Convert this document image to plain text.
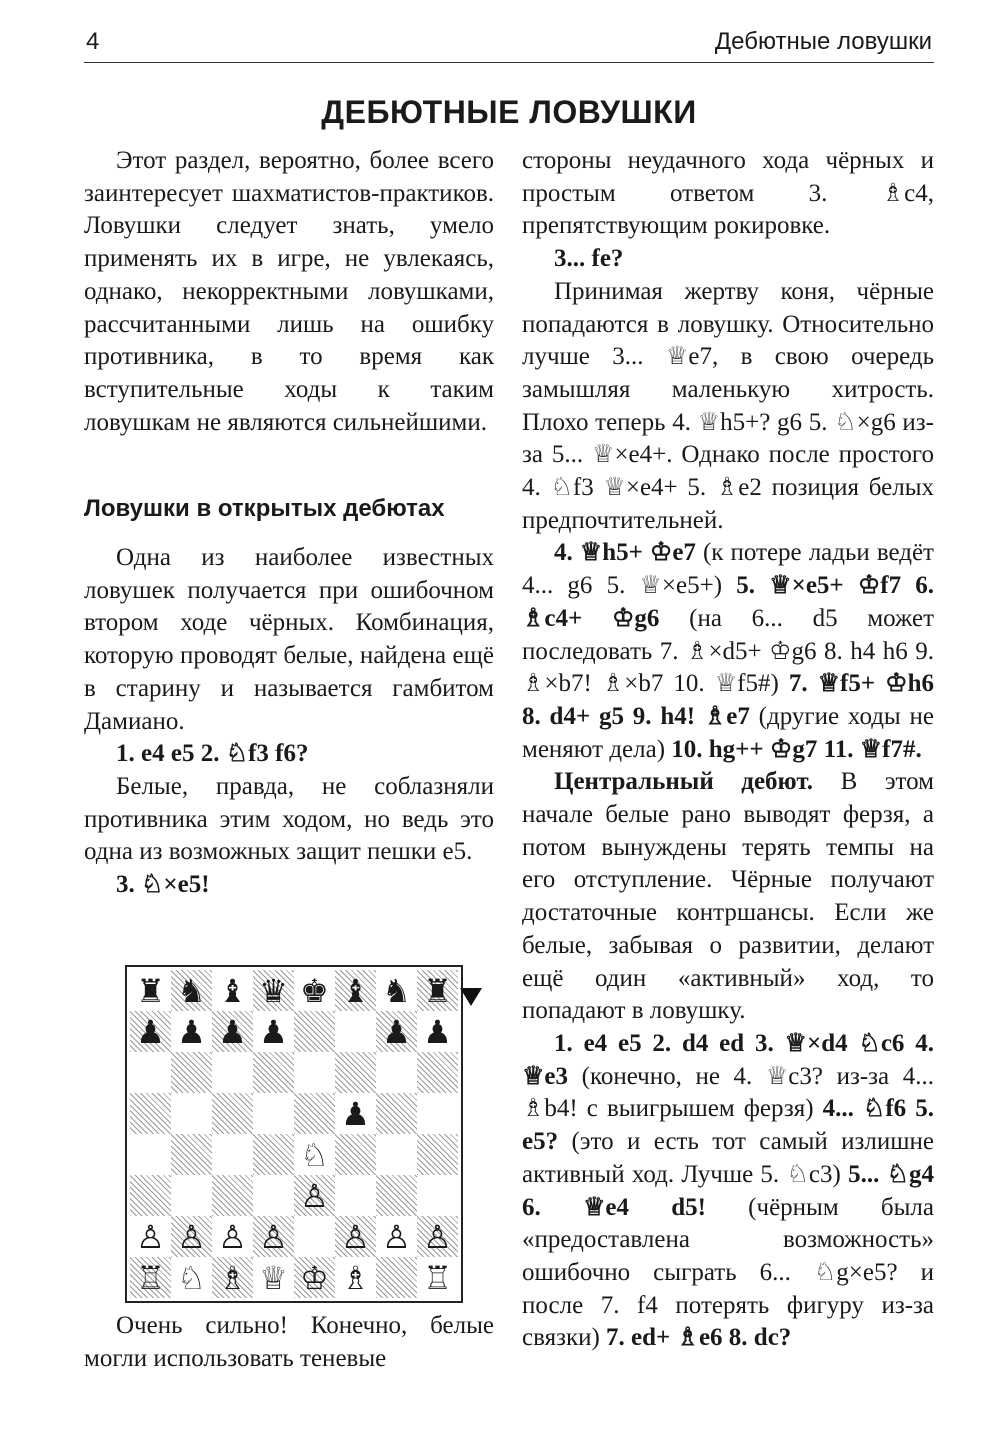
4	Дебютные ловушки
ДЕБЮТНЫЕ ЛОВУШКИ

Этот раздел, вероятно, более всего заинтересует шахматистов-практиков. Ловушки следует знать, умело применять их в игре, не увлекаясь, однако, некорректными ловушками, рассчитанными лишь на ошибку противника, в то время как вступительные ходы к таким ловушкам не являются сильнейшими.

Ловушки в открытых дебютах

Одна из наиболее известных ловушек получается при ошибочном втором ходе чёрных. Комбинация, которую проводят белые, найдена ещё в старину и называется гамбитом Дамиано.

1. e4 e5 2. ♘f3 f6?

Белые, правда, не соблазняли противника этим ходом, но ведь это одна из возможных защит пешки e5.

3. ♘×e5!

♜ ♞ ♝ ♛ ♚ ♝ ♞ ♜
♟ ♟ ♟ ♟	♟ ♟
♟
♘
♙
♙ ♙ ♙ ♙ ♙ ♙ ♙
♖ ♘ ♗ ♕ ♔ ♗ ♖

Очень сильно! Конечно, белые могли использовать теневые

стороны неудачного хода чёрных и простым ответом 3. ♗c4, препятствующим рокировке.

3... fe?

Принимая жертву коня, чёрные попадаются в ловушку. Относительно лучше 3... ♕e7, в свою очередь замышляя маленькую хитрость. Плохо теперь 4. ♕h5+? g6 5. ♘×g6 из-за 5... ♕×e4+. Однако после простого 4. ♘f3 ♕×e4+ 5. ♗e2 позиция белых предпочтительней.

4. ♕h5+ ♔e7 (к потере ладьи ведёт 4... g6 5. ♕×e5+) 5. ♕×e5+ ♔f7 6. ♗c4+ ♔g6 (на 6... d5 может последовать 7. ♗×d5+ ♔g6 8. h4 h6 9. ♗×b7! ♗×b7 10. ♕f5#) 7. ♕f5+ ♔h6 8. d4+ g5 9. h4! ♗e7 (другие ходы не меняют дела) 10. hg++ ♔g7 11. ♕f7#.

Центральный дебют. В этом начале белые рано выводят ферзя, а потом вынуждены терять темпы на его отступление. Чёрные получают достаточные контршансы. Если же белые, забывая о развитии, делают ещё один «активный» ход, то попадают в ловушку.

1. e4 e5 2. d4 ed 3. ♕×d4 ♘c6 4. ♕e3 (конечно, не 4. ♕c3? из-за 4... ♗b4! с выигрышем ферзя) 4... ♘f6 5. e5? (это и есть тот самый излишне активный ход. Лучше 5. ♘c3) 5... ♘g4 6. ♕e4 d5! (чёрным была «предоставлена возможность» ошибочно сыграть 6... ♘g×e5? и после 7. f4 потерять фигуру из-за связки) 7. ed+ ♗e6 8. dc?
